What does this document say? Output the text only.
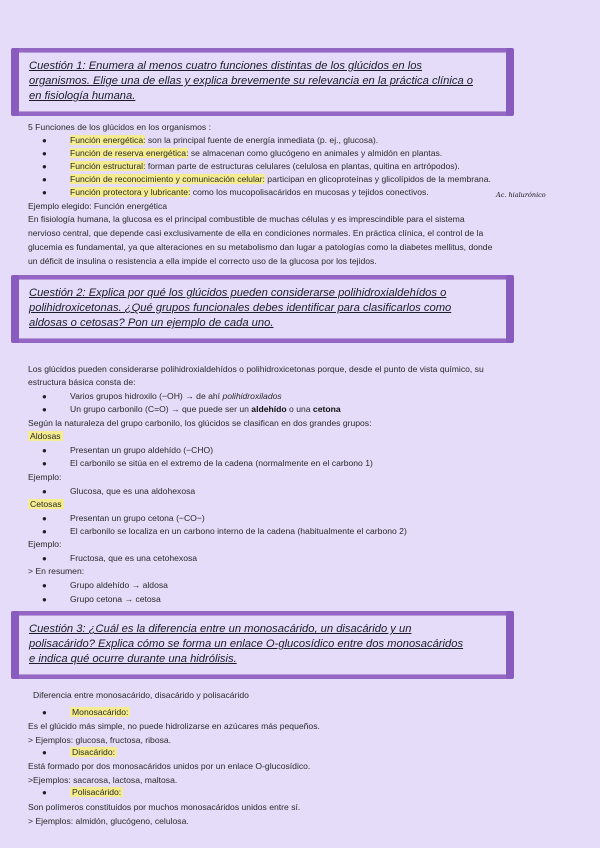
Cuestión 1: Enumera al menos cuatro funciones distintas de los glúcidos en los
organismos. Elige una de ellas y explica brevemente su relevancia en la práctica clínica o
en fisiología humana.
5 Funciones de los glúcidos en los organismos :
●	Función energética: son la principal fuente de energía inmediata (p. ej., glucosa).
●	Función de reserva energética: se almacenan como glucógeno en animales y almidón en plantas.
●	Función estructural: forman parte de estructuras celulares (celulosa en plantas, quitina en artrópodos).
●	Función de reconocimiento y comunicación celular: participan en glicoproteínas y glicolípidos de la membrana.
●	Función protectora y lubricante: como los mucopolisacáridos en mucosas y tejidos conectivos.	Ac. hialurónico
Ejemplo elegido: Función energética
En fisiología humana, la glucosa es el principal combustible de muchas células y es imprescindible para el sistema
nervioso central, que depende casi exclusivamente de ella en condiciones normales. En práctica clínica, el control de la
glucemia es fundamental, ya que alteraciones en su metabolismo dan lugar a patologías como la diabetes mellitus, donde
un déficit de insulina o resistencia a ella impide el correcto uso de la glucosa por los tejidos.
Cuestión 2: Explica por qué los glúcidos pueden considerarse polihidroxialdehídos o
polihidroxicetonas. ¿Qué grupos funcionales debes identificar para clasificarlos como
aldosas o cetosas? Pon un ejemplo de cada uno.
Los glúcidos pueden considerarse polihidroxialdehídos o polihidroxicetonas porque, desde el punto de vista químico, su
estructura básica consta de:
●	Varios grupos hidroxilo (−OH) → de ahí polihidroxilados
●	Un grupo carbonilo (C=O) → que puede ser un aldehído o una cetona
Según la naturaleza del grupo carbonilo, los glúcidos se clasifican en dos grandes grupos:
Aldosas
●	Presentan un grupo aldehído (−CHO)
●	El carbonilo se sitúa en el extremo de la cadena (normalmente en el carbono 1)
Ejemplo:
●	Glucosa, que es una aldohexosa
Cetosas
●	Presentan un grupo cetona (−CO−)
●	El carbonilo se localiza en un carbono interno de la cadena (habitualmente el carbono 2)
Ejemplo:
●	Fructosa, que es una cetohexosa
> En resumen:
●	Grupo aldehído → aldosa
●	Grupo cetona → cetosa
Cuestión 3: ¿Cuál es la diferencia entre un monosacárido, un disacárido y un
polisacárido? Explica cómo se forma un enlace O-glucosídico entre dos monosacáridos
e indica qué ocurre durante una hidrólisis.
Diferencia entre monosacárido, disacárido y polisacárido
●	Monosacárido:
Es el glúcido más simple, no puede hidrolizarse en azúcares más pequeños.
> Ejemplos: glucosa, fructosa, ribosa.
●	Disacárido:
Está formado por dos monosacáridos unidos por un enlace O-glucosídico.
>Ejemplos: sacarosa, lactosa, maltosa.
●	Polisacárido:
Son polímeros constituidos por muchos monosacáridos unidos entre sí.
> Ejemplos: almidón, glucógeno, celulosa.
